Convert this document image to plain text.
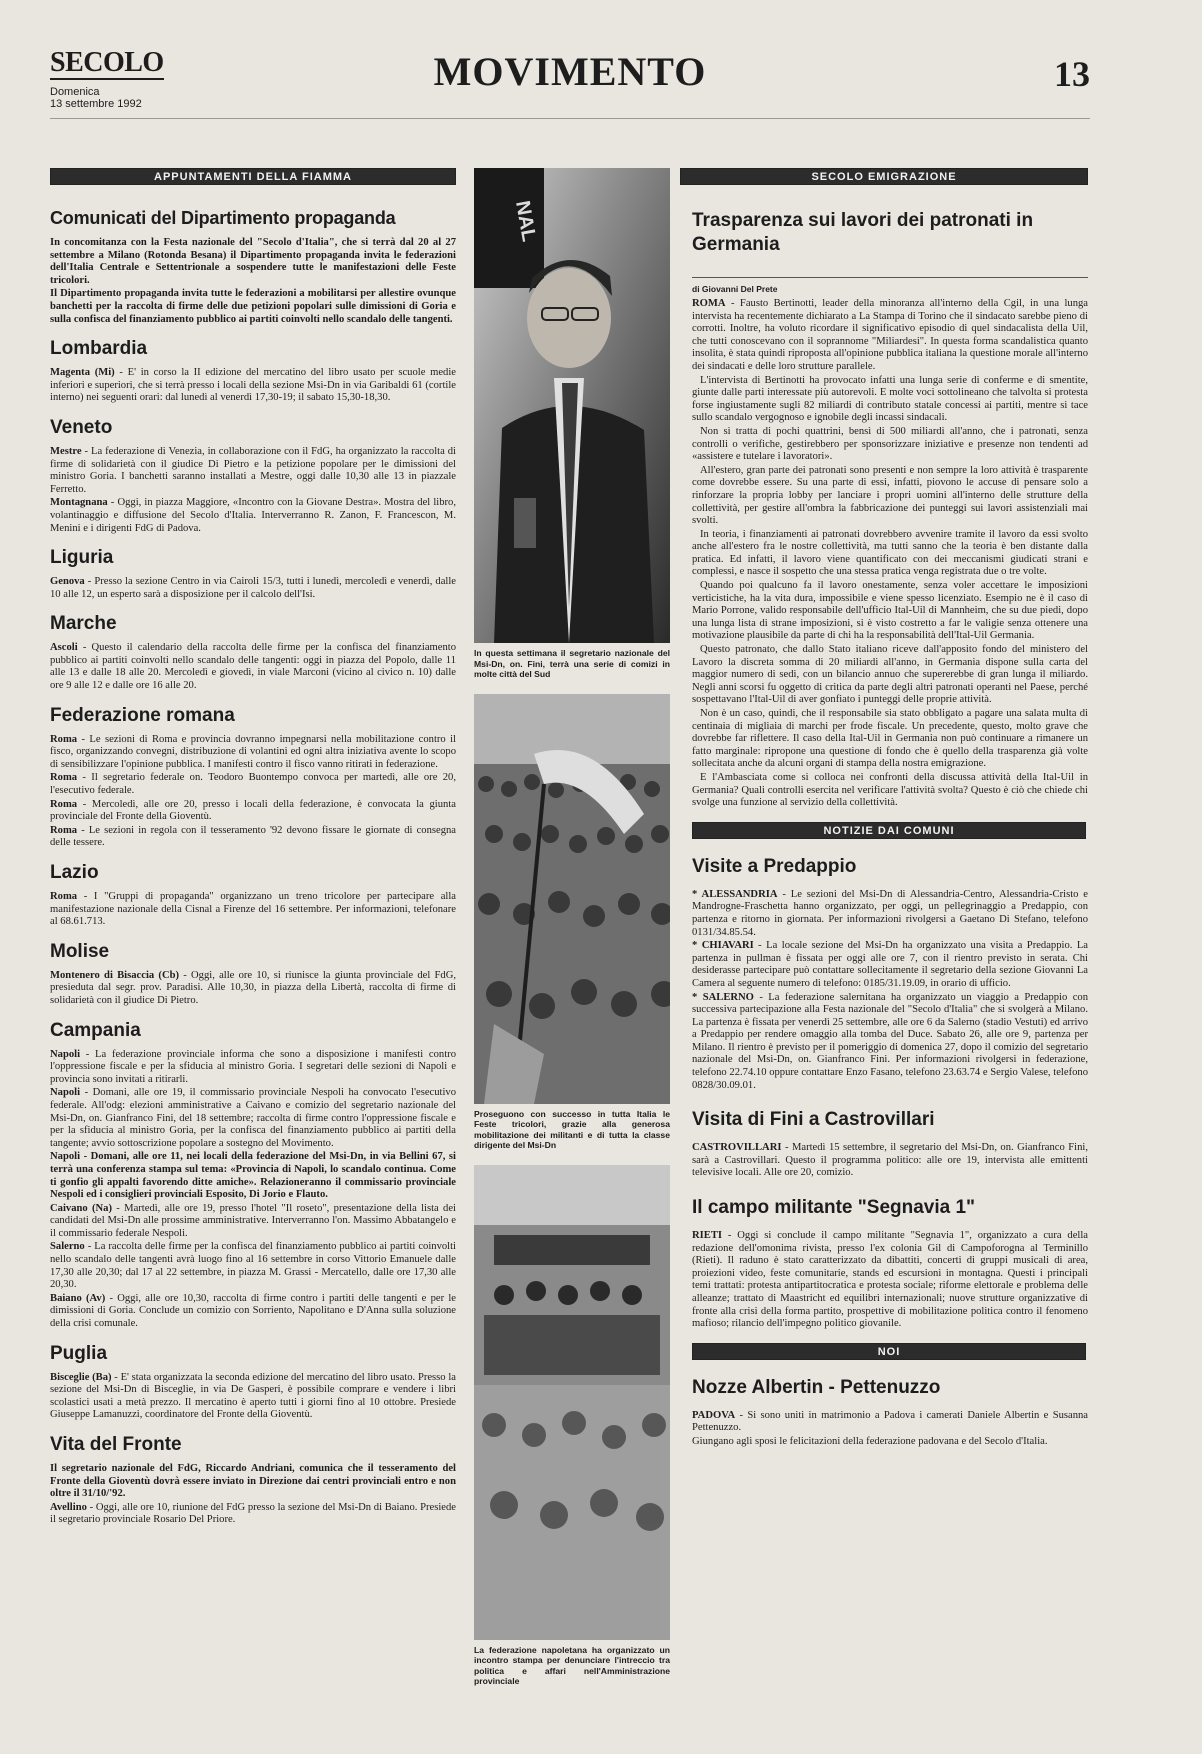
SECOLO
Domenica
13 settembre 1992
MOVIMENTO	13
APPUNTAMENTI DELLA FIAMMA
Comunicati del Dipartimento propaganda

In concomitanza con la Festa nazionale del "Secolo d'Italia", che si terrà dal 20 al 27 settembre a Milano (Rotonda Besana) il Dipartimento propaganda invita le federazioni dell'Italia Centrale e Settentrionale a sospendere tutte le manifestazioni delle Feste tricolori.

Il Dipartimento propaganda invita tutte le federazioni a mobilitarsi per allestire ovunque banchetti per la raccolta di firme delle due petizioni popolari sulle dimissioni di Goria e sulla confisca del finanziamento pubblico ai partiti coinvolti nello scandalo delle tangenti.

Lombardia

Magenta (Mi) - E' in corso la II edizione del mercatino del libro usato per scuole medie inferiori e superiori, che si terrà presso i locali della sezione Msi-Dn in via Garibaldi 61 (cortile interno) nei seguenti orari: dal lunedì al venerdì 17,30-19; il sabato 15,30-18,30.

Veneto

Mestre - La federazione di Venezia, in collaborazione con il FdG, ha organizzato la raccolta di firme di solidarietà con il giudice Di Pietro e la petizione popolare per le dimissioni del ministro Goria. I banchetti saranno installati a Mestre, oggi dalle 10,30 alle 13 in piazzale Ferretto.

Montagnana - Oggi, in piazza Maggiore, «Incontro con la Giovane Destra». Mostra del libro, volantinaggio e diffusione del Secolo d'Italia. Interverranno R. Zanon, F. Francescon, M. Menini e i dirigenti FdG di Padova.

Liguria

Genova - Presso la sezione Centro in via Cairoli 15/3, tutti i lunedì, mercoledì e venerdì, dalle 10 alle 12, un esperto sarà a disposizione per il calcolo dell'Isi.

Marche

Ascoli - Questo il calendario della raccolta delle firme per la confisca del finanziamento pubblico ai partiti coinvolti nello scandalo delle tangenti: oggi in piazza del Popolo, dalle 11 alle 13 e dalle 18 alle 20. Mercoledì e giovedì, in viale Marconi (vicino al civico n. 10) dalle ore 9 alle 12 e dalle ore 16 alle 20.

Federazione romana

Roma - Le sezioni di Roma e provincia dovranno impegnarsi nella mobilitazione contro il fisco, organizzando convegni, distribuzione di volantini ed ogni altra iniziativa avente lo scopo di sensibilizzare l'opinione pubblica. I manifesti contro il fisco vanno ritirati in federazione.

Roma - Il segretario federale on. Teodoro Buontempo convoca per martedì, alle ore 20, l'esecutivo federale.

Roma - Mercoledì, alle ore 20, presso i locali della federazione, è convocata la giunta provinciale del Fronte della Gioventù.

Roma - Le sezioni in regola con il tesseramento '92 devono fissare le giornate di consegna delle tessere.

Lazio

Roma - I "Gruppi di propaganda" organizzano un treno tricolore per partecipare alla manifestazione nazionale della Cisnal a Firenze del 16 settembre. Per informazioni, telefonare al 68.61.713.

Molise

Montenero di Bisaccia (Cb) - Oggi, alle ore 10, si riunisce la giunta provinciale del FdG, presieduta dal segr. prov. Paradisi. Alle 10,30, in piazza della Libertà, raccolta di firme di solidarietà con il giudice Di Pietro.

Campania

Napoli - La federazione provinciale informa che sono a disposizione i manifesti contro l'oppressione fiscale e per la sfiducia al ministro Goria. I segretari delle sezioni di Napoli e provincia sono invitati a ritirarli.

Napoli - Domani, alle ore 19, il commissario provinciale Nespoli ha convocato l'esecutivo federale. All'odg: elezioni amministrative a Caivano e comizio del segretario nazionale del Msi-Dn, on. Gianfranco Fini, del 18 settembre; raccolta di firme contro l'oppressione fiscale e per la sfiducia al ministro Goria, per la confisca del finanziamento pubblico ai partiti della tangente; avvio sottoscrizione popolare a sostegno del Movimento.

Napoli - Domani, alle ore 11, nei locali della federazione del Msi-Dn, in via Bellini 67, si terrà una conferenza stampa sul tema: «Provincia di Napoli, lo scandalo continua. Come ti gonfio gli appalti favorendo ditte amiche». Relazioneranno il commissario provinciale Nespoli ed i consiglieri provinciali Esposito, Di Jorio e Flauto.

Caivano (Na) - Martedì, alle ore 19, presso l'hotel "Il roseto", presentazione della lista dei candidati del Msi-Dn alle prossime amministrative. Interverranno l'on. Massimo Abbatangelo e il commissario federale Nespoli.

Salerno - La raccolta delle firme per la confisca del finanziamento pubblico ai partiti coinvolti nello scandalo delle tangenti avrà luogo fino al 16 settembre in corso Vittorio Emanuele dalle 17,30 alle 20,30; dal 17 al 22 settembre, in piazza M. Grassi - Mercatello, dalle ore 17,30 alle 20,30.

Baiano (Av) - Oggi, alle ore 10,30, raccolta di firme contro i partiti delle tangenti e per le dimissioni di Goria. Conclude un comizio con Sorriento, Napolitano e D'Anna sulla soluzione della crisi comunale.

Puglia

Bisceglie (Ba) - E' stata organizzata la seconda edizione del mercatino del libro usato. Presso la sezione del Msi-Dn di Bisceglie, in via De Gasperi, è possibile comprare e vendere i libri scolastici usati a metà prezzo. Il mercatino è aperto tutti i giorni fino al 10 ottobre. Presiede Giuseppe Lamanuzzi, coordinatore del Fronte della Gioventù.

Vita del Fronte

Il segretario nazionale del FdG, Riccardo Andriani, comunica che il tesseramento del Fronte della Gioventù dovrà essere inviato in Direzione dai centri provinciali entro e non oltre il 31/10/'92.

Avellino - Oggi, alle ore 10, riunione del FdG presso la sezione del Msi-Dn di Baiano. Presiede il segretario provinciale Rosario Del Priore.

NAL
In questa settimana il segretario nazionale del Msi-Dn, on. Fini, terrà una serie di comizi in molte città del Sud
Proseguono con successo in tutta Italia le Feste tricolori, grazie alla generosa mobilitazione dei militanti e di tutta la classe dirigente del Msi-Dn
La federazione napoletana ha organizzato un incontro stampa per denunciare l'intreccio tra politica e affari nell'Amministrazione provinciale
SECOLO EMIGRAZIONE
Trasparenza sui lavori dei patronati in Germania
di Giovanni Del Prete

ROMA - Fausto Bertinotti, leader della minoranza all'interno della Cgil, in una lunga intervista ha recentemente dichiarato a La Stampa di Torino che il sindacato sarebbe pieno di corrotti. Inoltre, ha voluto ricordare il significativo episodio di quel sindacalista della Uil, che tutti conoscevano con il soprannome "Miliardesi". In questa forma scandalistica quanto insolita, è stata quindi riproposta all'opinione pubblica italiana la questione morale all'interno dei sindacati e delle loro strutture parallele.

L'intervista di Bertinotti ha provocato infatti una lunga serie di conferme e di smentite, giunte dalle parti interessate più autorevoli. E molte voci sottolineano che talvolta si protesta forse ingiustamente sugli 82 miliardi di contributo statale concessi ai partiti, mentre si tace sullo scandalo vergognoso e ignobile degli incassi sindacali.

Non si tratta di pochi quattrini, bensì di 500 miliardi all'anno, che i patronati, senza controlli o verifiche, gestirebbero per sponsorizzare iniziative e presenze non tendenti ad «assistere e tutelare i lavoratori».

All'estero, gran parte dei patronati sono presenti e non sempre la loro attività è trasparente come dovrebbe essere. Su una parte di essi, infatti, piovono le accuse di pensare solo a rinforzare la propria lobby per lanciare i propri uomini all'interno delle strutture della collettività, per gestire all'ombra la fabbricazione dei punteggi sui lavori assistenziali mai svolti.

In teoria, i finanziamenti ai patronati dovrebbero avvenire tramite il lavoro da essi svolto anche all'estero fra le nostre collettività, ma tutti sanno che la teoria è ben distante dalla pratica. Ed infatti, il lavoro viene quantificato con dei meccanismi giudicati strani e complessi, e nasce il sospetto che una stessa pratica venga registrata due o tre volte.

Quando poi qualcuno fa il lavoro onestamente, senza voler accettare le imposizioni verticistiche, ha la vita dura, impossibile e viene spesso licenziato. Esempio ne è il caso di Mario Porrone, valido responsabile dell'ufficio Ital-Uil di Mannheim, che su due piedi, dopo una lunga lista di strane imposizioni, si è visto costretto a far le valigie senza ottenere una motivazione plausibile da parte di chi ha la responsabilità dell'Ital-Uil Germania.

Questo patronato, che dallo Stato italiano riceve dall'apposito fondo del ministero del Lavoro la discreta somma di 20 miliardi all'anno, in Germania dispone sulla carta del maggior numero di sedi, con un bilancio annuo che supererebbe di gran lunga il miliardo. Negli anni scorsi fu oggetto di critica da parte degli altri patronati operanti nel Paese, perché sospettavano l'Ital-Uil di aver gonfiato i punteggi delle proprie attività.

Non è un caso, quindi, che il responsabile sia stato obbligato a pagare una salata multa di centinaia di migliaia di marchi per frode fiscale. Un precedente, questo, molto grave che dovrebbe far riflettere. Il caso della Ital-Uil in Germania non può continuare a rimanere un fatto marginale: ripropone una questione di fondo che è quello della trasparenza già volte sollecitata anche da alcuni organi di stampa della nostra emigrazione.

E l'Ambasciata come si colloca nei confronti della discussa attività della Ital-Uil in Germania? Quali controlli esercita nel verificare l'attività svolta? Questo è ciò che chiede chi svolge una funzione al servizio della collettività.

NOTIZIE DAI COMUNI
Visite a Predappio

* ALESSANDRIA - Le sezioni del Msi-Dn di Alessandria-Centro, Alessandria-Cristo e Mandrogne-Fraschetta hanno organizzato, per oggi, un pellegrinaggio a Predappio, con partenza e ritorno in giornata. Per informazioni rivolgersi a Gaetano Di Stefano, telefono 0131/34.85.54.

* CHIAVARI - La locale sezione del Msi-Dn ha organizzato una visita a Predappio. La partenza in pullman è fissata per oggi alle ore 7, con il rientro previsto in serata. Chi desiderasse partecipare può contattare sollecitamente il segretario della sezione Giovanni La Camera al seguente numero di telefono: 0185/31.19.09, in orario di ufficio.

* SALERNO - La federazione salernitana ha organizzato un viaggio a Predappio con successiva partecipazione alla Festa nazionale del "Secolo d'Italia" che si svolgerà a Milano. La partenza è fissata per venerdì 25 settembre, alle ore 6 da Salerno (stadio Vestuti) ed arrivo a Predappio per rendere omaggio alla tomba del Duce. Sabato 26, alle ore 9, partenza per Milano. Il rientro è previsto per il pomeriggio di domenica 27, dopo il comizio del segretario nazionale del Msi-Dn, on. Gianfranco Fini. Per informazioni rivolgersi in federazione, telefono 22.74.10 oppure contattare Enzo Fasano, telefono 23.63.74 e Sergio Valese, telefono 0828/30.09.01.

Visita di Fini a Castrovillari

CASTROVILLARI - Martedì 15 settembre, il segretario del Msi-Dn, on. Gianfranco Fini, sarà a Castrovillari. Questo il programma politico: alle ore 19, intervista alle emittenti televisive locali. Alle ore 20, comizio.

Il campo militante "Segnavia 1"

RIETI - Oggi si conclude il campo militante "Segnavia 1", organizzato a cura della redazione dell'omonima rivista, presso l'ex colonia Gil di Campoforogna al Terminillo (Rieti). Il raduno è stato caratterizzato da dibattiti, concerti di gruppi musicali di area, proiezioni video, feste comunitarie, stands ed escursioni in montagna. Questi i principali temi trattati: protesta antipartitocratica e protesta sociale; riforme elettorale e problema delle alleanze; trattato di Maastricht ed equilibri internazionali; nuove strutture organizzative di fronte alla crisi della forma partito, prospettive di mobilitazione politica contro il fenomeno mafioso; rilancio dell'impegno politico giovanile.

NOI
Nozze Albertin - Pettenuzzo

PADOVA - Si sono uniti in matrimonio a Padova i camerati Daniele Albertin e Susanna Pettenuzzo.

Giungano agli sposi le felicitazioni della federazione padovana e del Secolo d'Italia.
